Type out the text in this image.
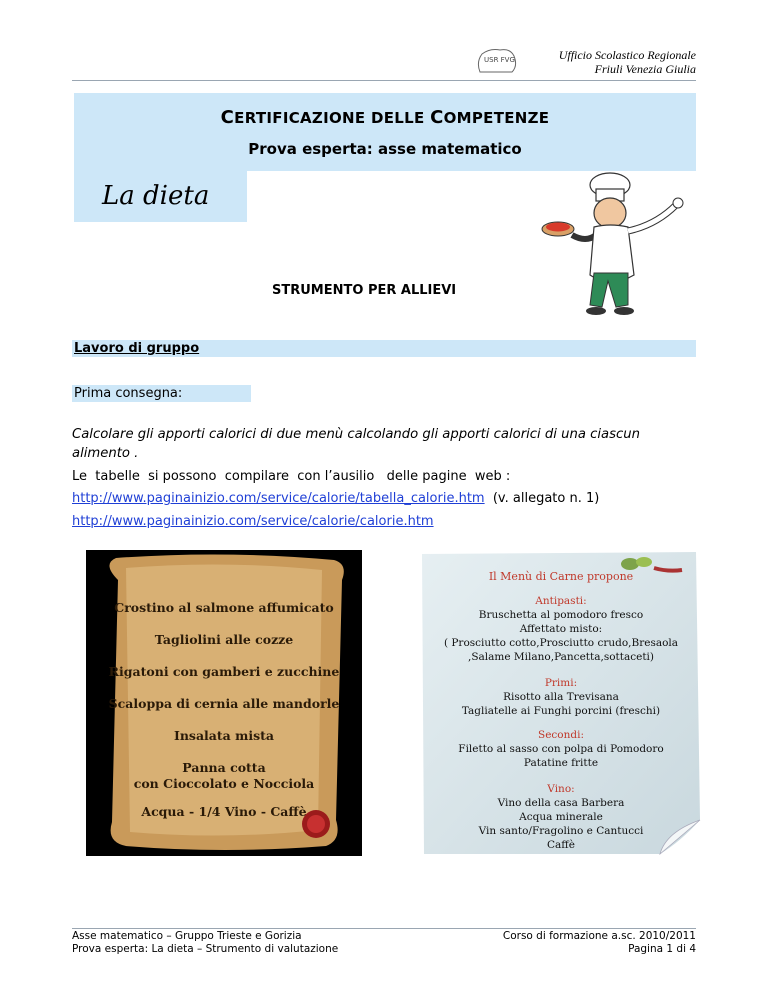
USR FVG	Ufficio Scolastico Regionale
Friuli Venezia Giulia
CERTIFICAZIONE DELLE COMPETENZE
Prova esperta: asse matematico
La dieta
STRUMENTO PER ALLIEVI
Lavoro di gruppo
Prima consegna:
Calcolare gli apporti calorici di due menù calcolando gli apporti calorici di una ciascun alimento .
Le  tabelle  si possono  compilare  con l’ausilio   delle pagine  web :
http://www.paginainizio.com/service/calorie/tabella_calorie.htm (v. allegato n. 1)
http://www.paginainizio.com/service/calorie/calorie.htm
Crostino al salmone affumicato
Tagliolini alle cozze
Rigatoni con gamberi e zucchine
Scaloppa di cernia alle mandorle
Insalata mista
Panna cotta
con Cioccolato e Nocciola
Acqua - 1/4 Vino - Caffè
Il Menù di Carne propone
Antipasti:
Bruschetta al pomodoro fresco
Affettato misto:
( Prosciutto cotto,Prosciutto crudo,Bresaola
,Salame Milano,Pancetta,sottaceti)
Primi:
Risotto alla Trevisana
Tagliatelle ai Funghi porcini (freschi)
Secondi:
Filetto al sasso con polpa di Pomodoro
Patatine fritte
Vino:
Vino della casa Barbera
Acqua minerale
Vin santo/Fragolino e Cantucci
Caffè
Asse matematico – Gruppo Trieste e Gorizia
Prova esperta: La dieta – Strumento di valutazione
Corso di formazione a.sc. 2010/2011
Pagina 1 di 4
